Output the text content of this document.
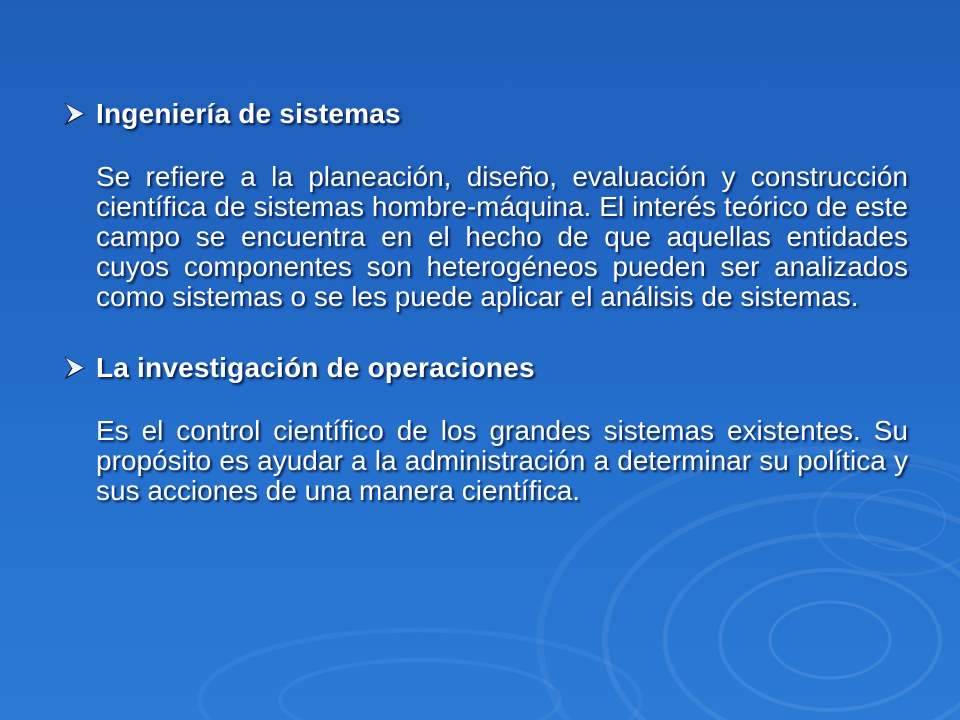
Ingeniería de sistemas
Se refiere a la planeación, diseño, evaluación y construcción científica de sistemas hombre-máquina. El interés teórico de este campo se encuentra en el hecho de que aquellas entidades cuyos componentes son heterogéneos pueden ser analizados como sistemas o se les puede aplicar el análisis de sistemas.
La investigación de operaciones
Es el control científico de los grandes sistemas existentes. Su propósito es ayudar a la administración a determinar su política y sus acciones de una manera científica.
